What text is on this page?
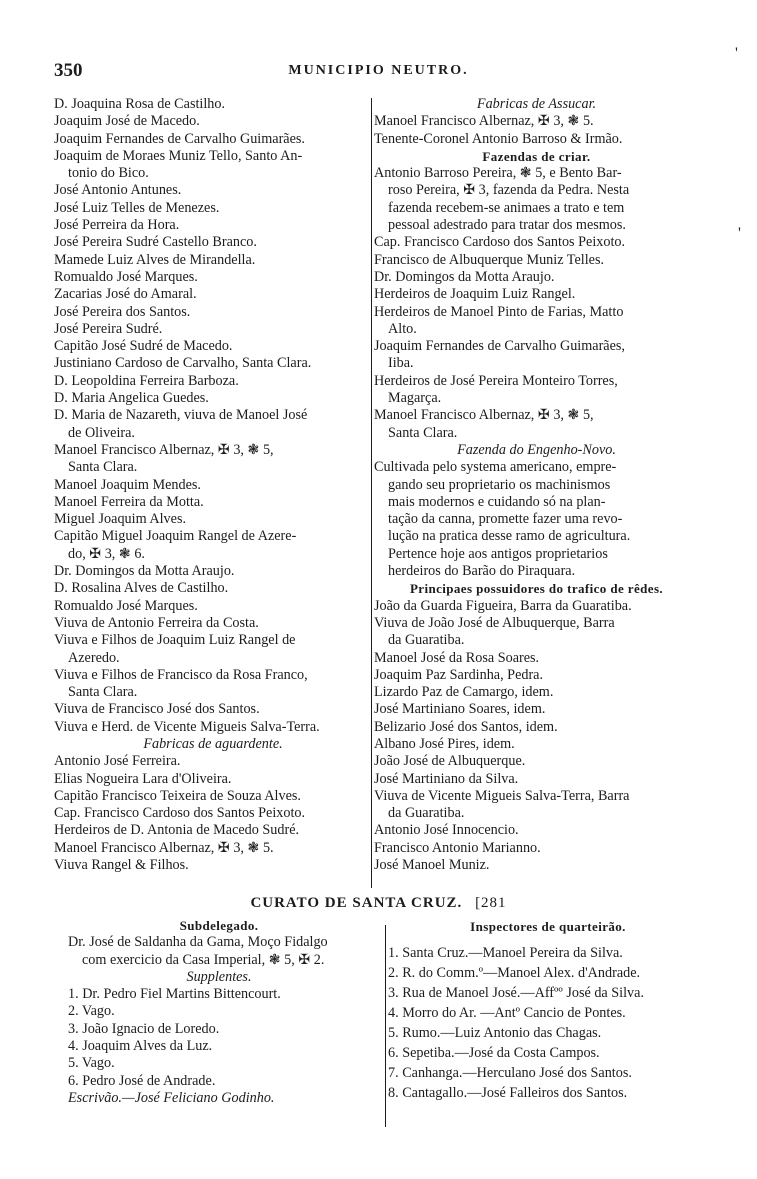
350	MUNICIPIO NEUTRO.
'
'
D. Joaquina Rosa de Castilho.
Joaquim José de Macedo.
Joaquim Fernandes de Carvalho Guimarães.
Joaquim de Moraes Muniz Tello, Santo An-
tonio do Bico.
José Antonio Antunes.
José Luiz Telles de Menezes.
José Perreira da Hora.
José Pereira Sudré Castello Branco.
Mamede Luiz Alves de Mirandella.
Romualdo José Marques.
Zacarias José do Amaral.
José Pereira dos Santos.
José Pereira Sudré.
Capitão José Sudré de Macedo.
Justiniano Cardoso de Carvalho, Santa Clara.
D. Leopoldina Ferreira Barboza.
D. Maria Angelica Guedes.
D. Maria de Nazareth, viuva de Manoel José
de Oliveira.
Manoel Francisco Albernaz, ✠ 3, ❃ 5,
Santa Clara.
Manoel Joaquim Mendes.
Manoel Ferreira da Motta.
Miguel Joaquim Alves.
Capitão Miguel Joaquim Rangel de Azere-
do, ✠ 3, ❃ 6.
Dr. Domingos da Motta Araujo.
D. Rosalina Alves de Castilho.
Romualdo José Marques.
Viuva de Antonio Ferreira da Costa.
Viuva e Filhos de Joaquim Luiz Rangel de
Azeredo.
Viuva e Filhos de Francisco da Rosa Franco,
Santa Clara.
Viuva de Francisco José dos Santos.
Viuva e Herd. de Vicente Migueis Salva-Terra.
Fabricas de aguardente.
Antonio José Ferreira.
Elias Nogueira Lara d'Oliveira.
Capitão Francisco Teixeira de Souza Alves.
Cap. Francisco Cardoso dos Santos Peixoto.
Herdeiros de D. Antonia de Macedo Sudré.
Manoel Francisco Albernaz, ✠ 3, ❃ 5.
Viuva Rangel & Filhos.
Fabricas de Assucar.
Manoel Francisco Albernaz, ✠ 3, ❃ 5.
Tenente-Coronel Antonio Barroso & Irmão.
Fazendas de criar.
Antonio Barroso Pereira, ❃ 5, e Bento Bar-
roso Pereira, ✠ 3, fazenda da Pedra. Nesta
fazenda recebem-se animaes a trato e tem
pessoal adestrado para tratar dos mesmos.
Cap. Francisco Cardoso dos Santos Peixoto.
Francisco de Albuquerque Muniz Telles.
Dr. Domingos da Motta Araujo.
Herdeiros de Joaquim Luiz Rangel.
Herdeiros de Manoel Pinto de Farias, Matto
Alto.
Joaquim Fernandes de Carvalho Guimarães,
Iiba.
Herdeiros de José Pereira Monteiro Torres,
Magarça.
Manoel Francisco Albernaz, ✠ 3, ❃ 5,
Santa Clara.
Fazenda do Engenho-Novo.
Cultivada pelo systema americano, empre-
gando seu proprietario os machinismos
mais modernos e cuidando só na plan-
tação da canna, promette fazer uma revo-
lução na pratica desse ramo de agricultura.
Pertence hoje aos antigos proprietarios
herdeiros do Barão do Piraquara.
Principaes possuidores do trafico de rêdes.
João da Guarda Figueira, Barra da Guaratiba.
Viuva de João José de Albuquerque, Barra
da Guaratiba.
Manoel José da Rosa Soares.
Joaquim Paz Sardinha, Pedra.
Lizardo Paz de Camargo, idem.
José Martiniano Soares, idem.
Belizario José dos Santos, idem.
Albano José Pires, idem.
João José de Albuquerque.
José Martiniano da Silva.
Viuva de Vicente Migueis Salva-Terra, Barra
da Guaratiba.
Antonio José Innocencio.
Francisco Antonio Marianno.
José Manoel Muniz.
CURATO DE SANTA CRUZ. [281
Subdelegado.
Dr. José de Saldanha da Gama, Moço Fidalgo
com exercicio da Casa Imperial, ❃ 5, ✠ 2.
Supplentes.
1. Dr. Pedro Fiel Martins Bittencourt.
2. Vago.
3. João Ignacio de Loredo.
4. Joaquim Alves da Luz.
5. Vago.
6. Pedro José de Andrade.
Escrivão.—José Feliciano Godinho.
Inspectores de quarteirão.
1. Santa Cruz.—Manoel Pereira da Silva.
2. R. do Comm.º—Manoel Alex. d'Andrade.
3. Rua de Manoel José.—Affºº José da Silva.
4. Morro do Ar. —Antº Cancio de Pontes.
5. Rumo.—Luiz Antonio das Chagas.
6. Sepetiba.—José da Costa Campos.
7. Canhanga.—Herculano José dos Santos.
8. Cantagallo.—José Falleiros dos Santos.
